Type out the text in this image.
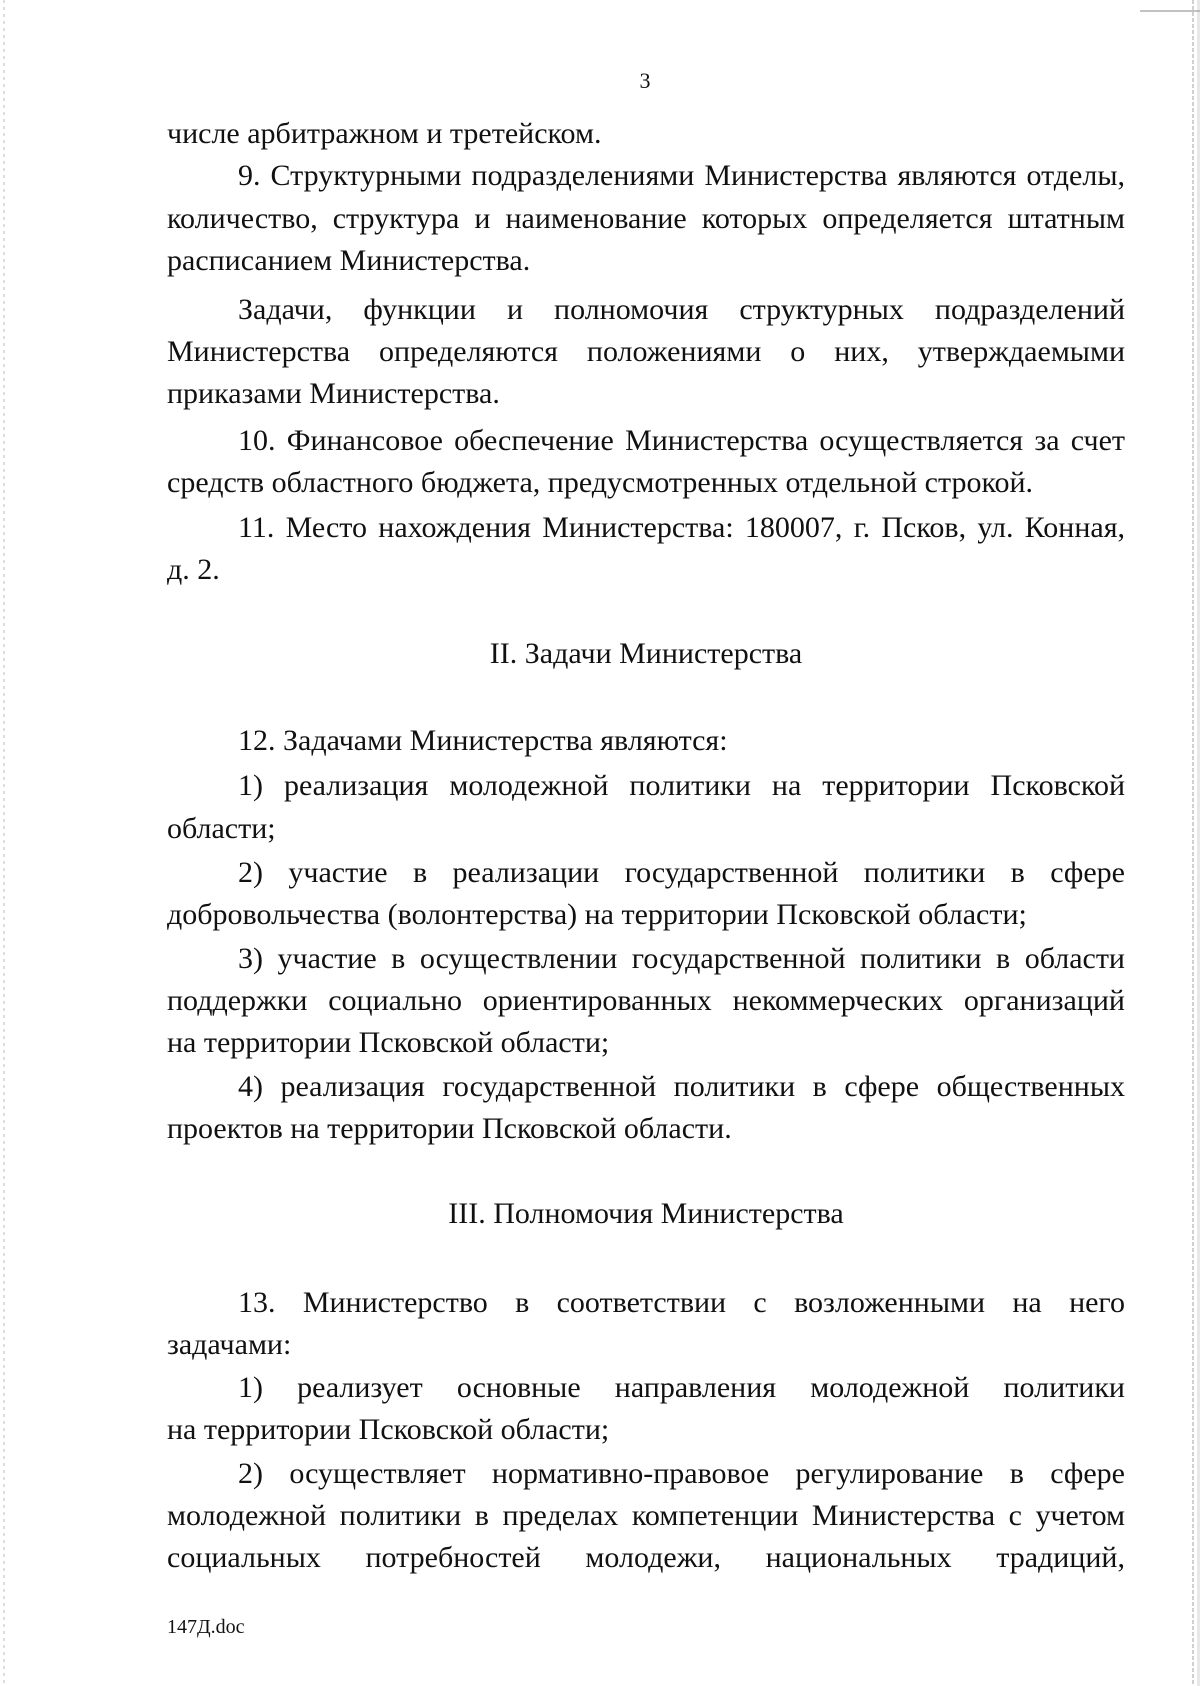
3
числе арбитражном и третейском.
9. Структурными подразделениями Министерства являются отделы,
количество, структура и наименование которых определяется штатным
расписанием Министерства.
Задачи, функции и полномочия структурных подразделений
Министерства определяются положениями о них, утверждаемыми
приказами Министерства.
10. Финансовое обеспечение Министерства осуществляется за счет
средств областного бюджета, предусмотренных отдельной строкой.
11. Место нахождения Министерства: 180007, г. Псков, ул. Конная,
д. 2.
II. Задачи Министерства
12. Задачами Министерства являются:
1) реализация молодежной политики на территории Псковской
области;
2) участие в реализации государственной политики в сфере
добровольчества (волонтерства) на территории Псковской области;
3) участие в осуществлении государственной политики в области
поддержки социально ориентированных некоммерческих организаций
на территории Псковской области;
4) реализация государственной политики в сфере общественных
проектов на территории Псковской области.
III. Полномочия Министерства
13. Министерство в соответствии с возложенными на него
задачами:
1) реализует основные направления молодежной политики
на территории Псковской области;
2) осуществляет нормативно-правовое регулирование в сфере
молодежной политики в пределах компетенции Министерства с учетом
социальных потребностей молодежи, национальных традиций,
147Д.doc
